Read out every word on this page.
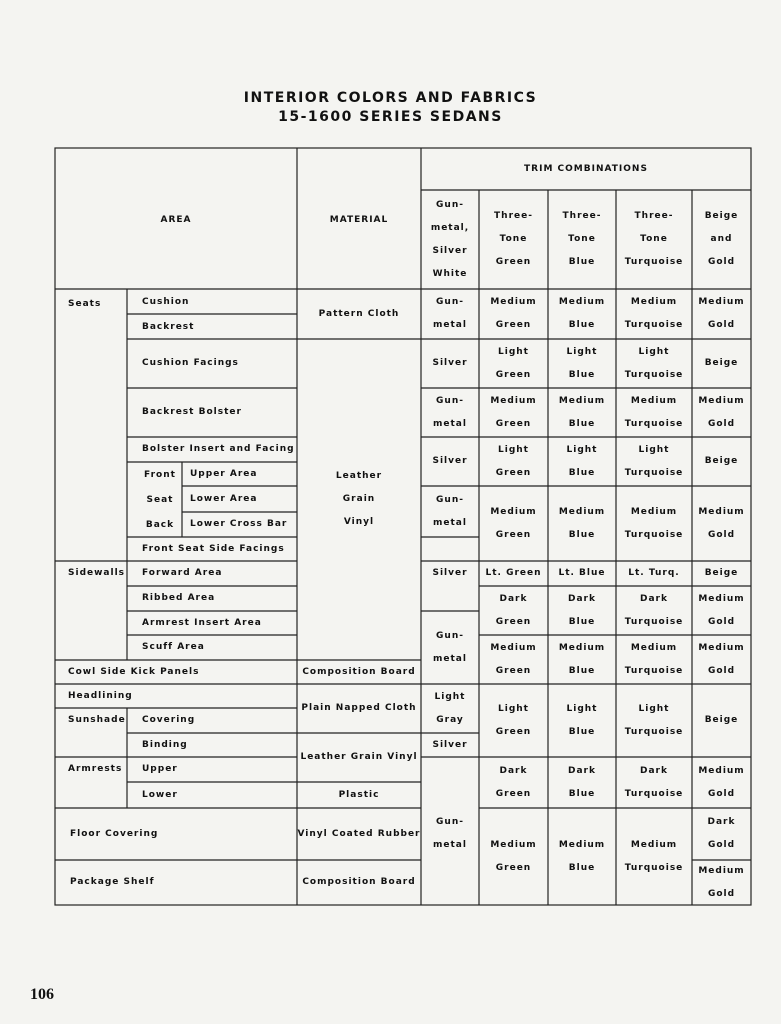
INTERIOR COLORS AND FABRICS
15-1600 SERIES SEDANS
AREA	MATERIAL
TRIM COMBINATIONS
Gun-
metal,
Silver
White
Three-
Tone
Green
Three-
Tone
Blue
Three-
Tone
Turquoise
Beige
and
Gold
Seats	Cushion
Backrest
Cushion Facings
Backrest Bolster
Bolster Insert and Facing
Front
Seat
Back
Upper Area
Lower Area
Lower Cross Bar
Front Seat Side Facings
Sidewalls Forward Area
Ribbed Area
Armrest Insert Area
Scuff Area
Cowl Side Kick Panels
Headlining
Sunshade Covering
Binding
Armrests Upper
Lower
Floor Covering
Package Shelf
Pattern Cloth
Leather
Grain
Vinyl
Composition Board
Plain Napped Cloth
Leather Grain Vinyl
Plastic
Vinyl Coated Rubber
Composition Board
Gun-
metal
Silver
Gun-
metal
Silver
Gun-
metal
Silver
Gun-
metal
Light
Gray
Silver
Gun-
metal
Medium
Green
Light
Green
Medium
Green
Light
Green
Medium
Green
Lt. Green
Dark
Green
Medium
Green
Light
Green
Dark
Green
Medium
Green
Medium
Blue
Light
Blue
Medium
Blue
Light
Blue
Medium
Blue
Lt. Blue
Dark
Blue
Medium
Blue
Light
Blue
Dark
Blue
Medium
Blue
Medium
Turquoise
Light
Turquoise
Medium
Turquoise
Light
Turquoise
Medium
Turquoise
Lt. Turq.
Dark
Turquoise
Medium
Turquoise
Light
Turquoise
Dark
Turquoise
Medium
Turquoise
Medium
Gold
Beige
Medium
Gold
Beige
Medium
Gold
Beige
Medium
Gold
Medium
Gold
Beige
Medium
Gold
Dark
Gold
Medium
Gold
106
